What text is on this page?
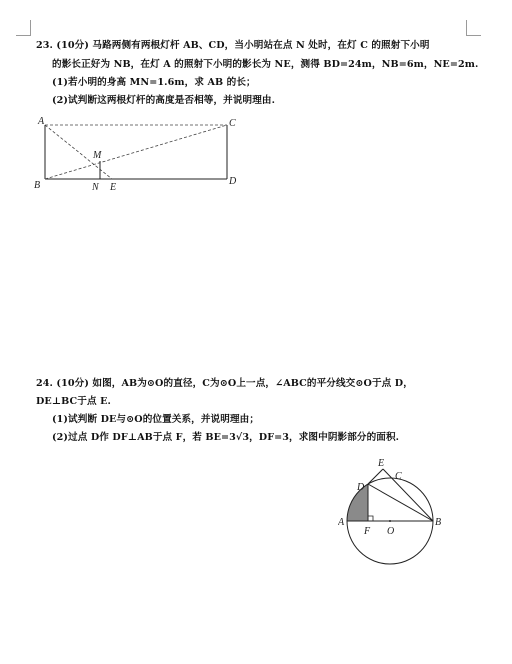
23. (10分) 马路两侧有两根灯杆 AB、CD，当小明站在点 N 处时，在灯 C 的照射下小明
的影长正好为 NB，在灯 A 的照射下小明的影长为 NE，测得 BD=24m，NB=6m，NE=2m.
(1)若小明的身高 MN=1.6m，求 AB 的长；
(2)试判断这两根灯杆的高度是否相等，并说明理由.
A	C
M
B	N E
D
24. (10分) 如图，AB为⊙O的直径，C为⊙O上一点，∠ABC的平分线交⊙O于点 D，
DE⊥BC于点 E.
(1)试判断 DE与⊙O的位置关系，并说明理由；
(2)过点 D作 DF⊥AB于点 F，若 BE=3√3，DF=3，求图中阴影部分的面积.
E
C
D
A
F O
B
